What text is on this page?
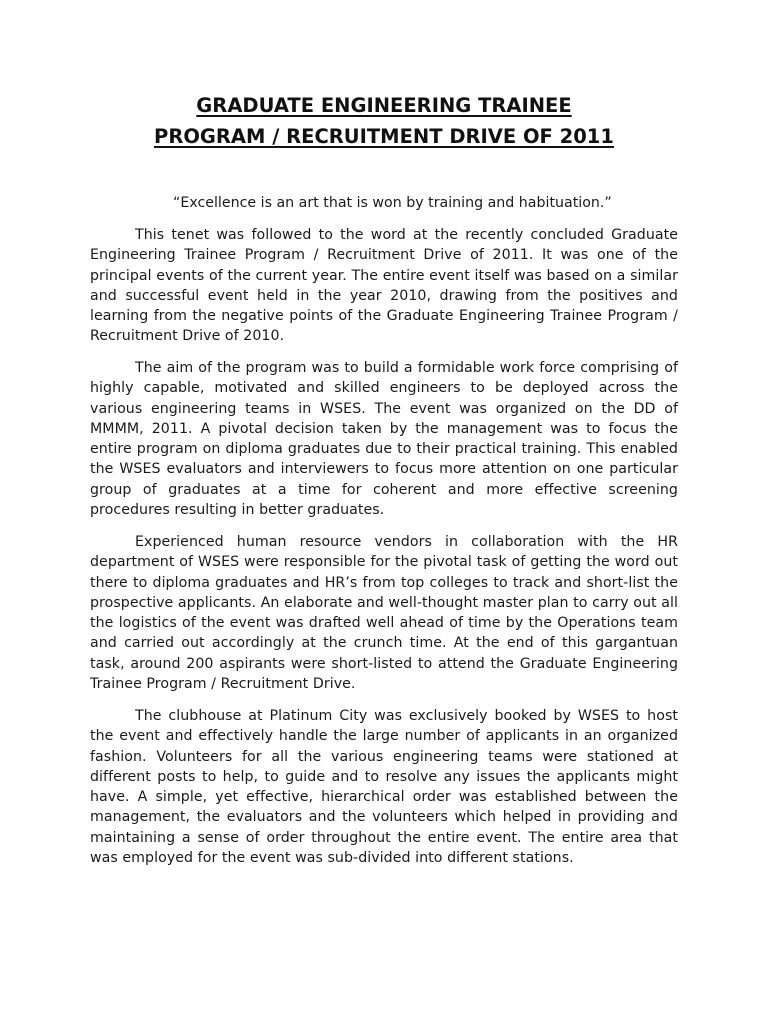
GRADUATE ENGINEERING TRAINEE
PROGRAM / RECRUITMENT DRIVE OF 2011

“Excellence is an art that is won by training and habituation.”

This tenet was followed to the word at the recently concluded Graduate Engineering Trainee Program / Recruitment Drive of 2011. It was one of the principal events of the current year. The entire event itself was based on a similar and successful event held in the year 2010, drawing from the positives and learning from the negative points of the Graduate Engineering Trainee Program / Recruitment Drive of 2010.

The aim of the program was to build a formidable work force comprising of highly capable, motivated and skilled engineers to be deployed across the various engineering teams in WSES. The event was organized on the DD of MMMM, 2011. A pivotal decision taken by the management was to focus the entire program on diploma graduates due to their practical training. This enabled the WSES evaluators and interviewers to focus more attention on one particular group of graduates at a time for coherent and more effective screening procedures resulting in better graduates.

Experienced human resource vendors in collaboration with the HR department of WSES were responsible for the pivotal task of getting the word out there to diploma graduates and HR’s from top colleges to track and short-list the prospective applicants. An elaborate and well-thought master plan to carry out all the logistics of the event was drafted well ahead of time by the Operations team and carried out accordingly at the crunch time. At the end of this gargantuan task, around 200 aspirants were short-listed to attend the Graduate Engineering Trainee Program / Recruitment Drive.

The clubhouse at Platinum City was exclusively booked by WSES to host the event and effectively handle the large number of applicants in an organized fashion. Volunteers for all the various engineering teams were stationed at different posts to help, to guide and to resolve any issues the applicants might have. A simple, yet effective, hierarchical order was established between the management, the evaluators and the volunteers which helped in providing and maintaining a sense of order throughout the entire event. The entire area that was employed for the event was sub-divided into different stations.
